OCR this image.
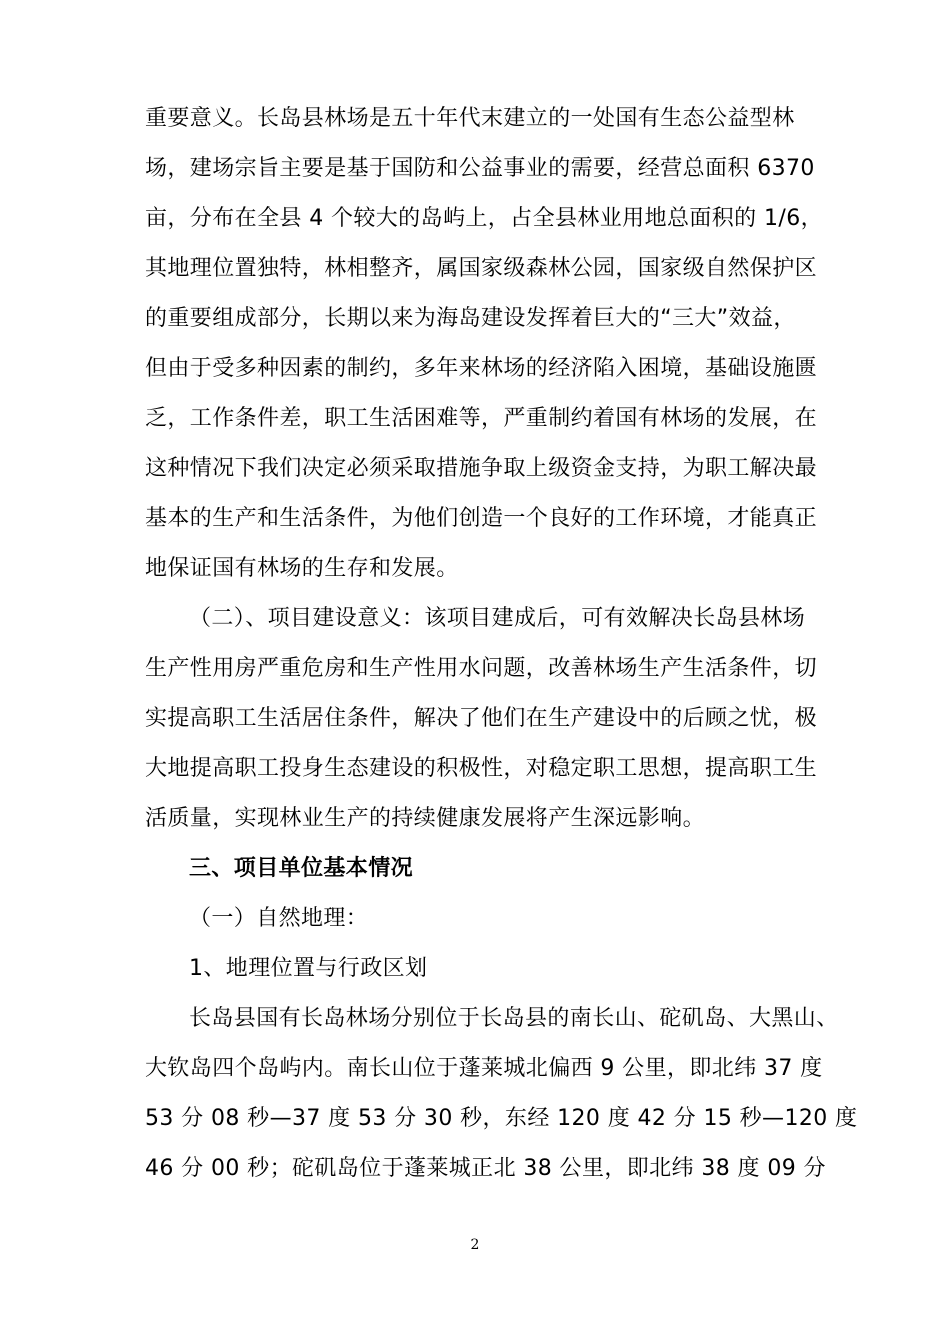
重要意义。长岛县林场是五十年代末建立的一处国有生态公益型林
场，建场宗旨主要是基于国防和公益事业的需要，经营总面积 6370
亩，分布在全县 4 个较大的岛屿上，占全县林业用地总面积的 1/6，
其地理位置独特，林相整齐，属国家级森林公园，国家级自然保护区
的重要组成部分，长期以来为海岛建设发挥着巨大的“三大”效益，
但由于受多种因素的制约，多年来林场的经济陷入困境，基础设施匮
乏，工作条件差，职工生活困难等，严重制约着国有林场的发展，在
这种情况下我们决定必须采取措施争取上级资金支持，为职工解决最
基本的生产和生活条件，为他们创造一个良好的工作环境，才能真正
地保证国有林场的生存和发展。
（二）、项目建设意义：该项目建成后，可有效解决长岛县林场
生产性用房严重危房和生产性用水问题，改善林场生产生活条件，切
实提高职工生活居住条件，解决了他们在生产建设中的后顾之忧，极
大地提高职工投身生态建设的积极性，对稳定职工思想，提高职工生
活质量，实现林业生产的持续健康发展将产生深远影响。
三、项目单位基本情况
（一）自然地理：
1、地理位置与行政区划
长岛县国有长岛林场分别位于长岛县的南长山、砣矶岛、大黑山、
大钦岛四个岛屿内。南长山位于蓬莱城北偏西 9 公里，即北纬 37 度
53 分 08 秒—37 度 53 分 30 秒，东经 120 度 42 分 15 秒—120 度
46 分 00 秒；砣矶岛位于蓬莱城正北 38 公里，即北纬 38 度 09 分
2
